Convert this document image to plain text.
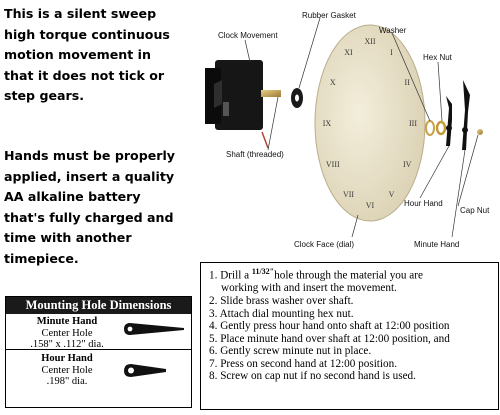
This is a silent sweep high torque continuous motion movement in that it does not tick or step gears.

Hands must be properly applied, insert a quality AA alkaline battery that's fully charged and time with another timepiece.

XII
I
II
III
IV
V
VI
VII
VIII
IX
X
XI
Rubber Gasket
Clock Movement
Washer
Hex Nut
Shaft (threaded)
Hour Hand
Cap Nut
Minute Hand
Clock Face (dial)
Mounting Hole Dimensions
Minute Hand
Center Hole
.158" x .112" dia.
Hour Hand
Center Hole
.198" dia.
1. Drill a $^{11/32"}$hole through the material you are
working with and insert the movement.
2. Slide brass washer over shaft.
3. Attach dial mounting hex nut.
4. Gently press hour hand onto shaft at 12:00 position
5. Place minute hand over shaft at 12:00 position, and
6. Gently screw minute nut in place.
7. Press on second hand at 12:00 position.
8. Screw on cap nut if no second hand is used.
